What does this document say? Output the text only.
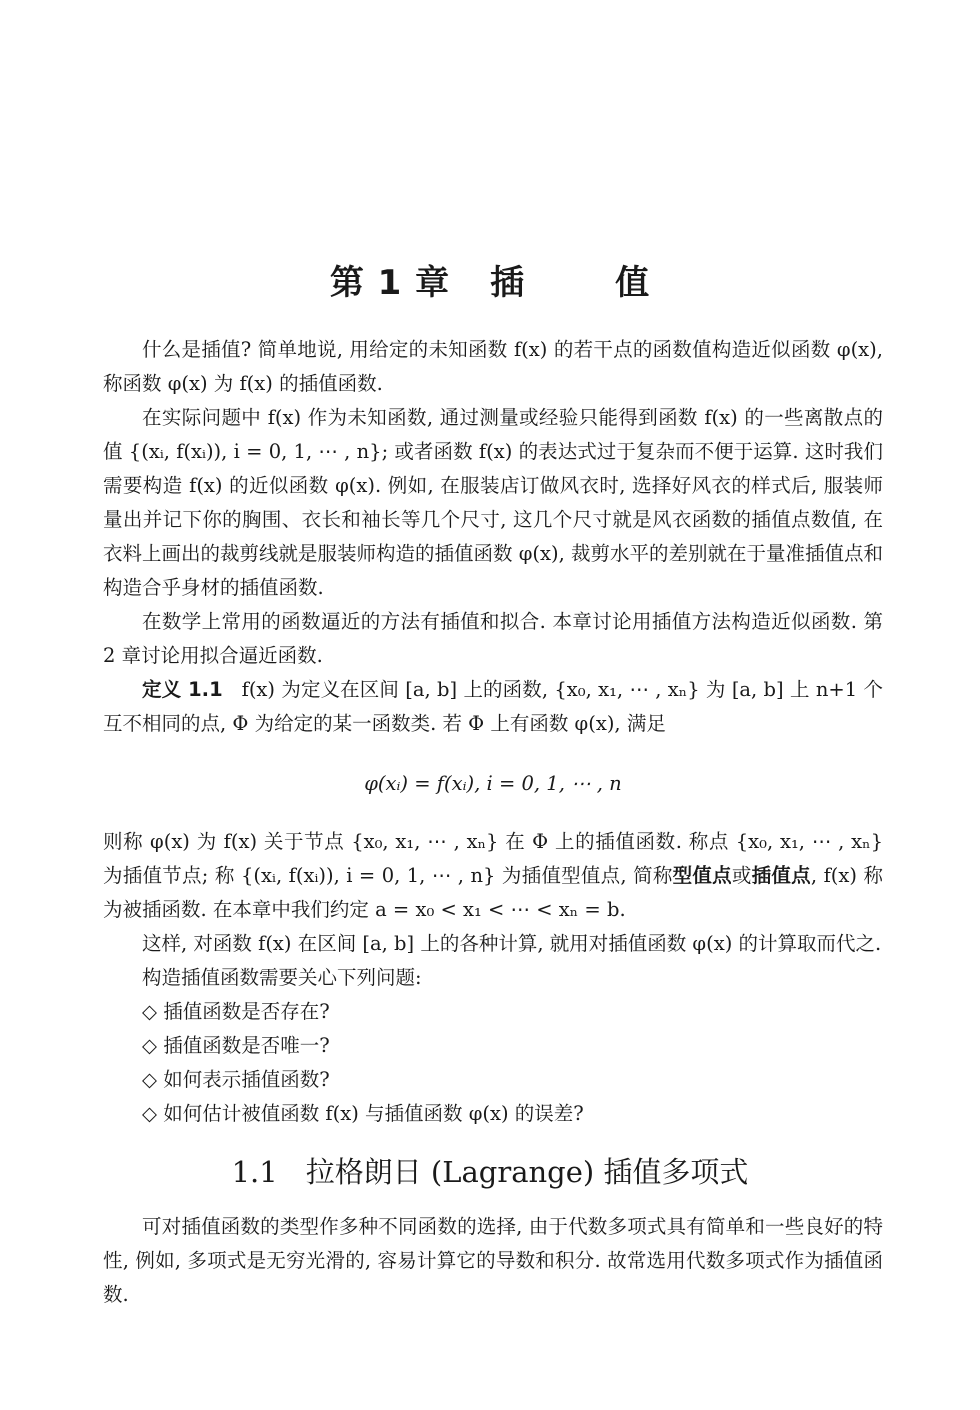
第 1 章 插	值

什么是插值? 简单地说, 用给定的未知函数 f(x) 的若干点的函数值构造近似函数 φ(x), 称函数 φ(x) 为 f(x) 的插值函数.

在实际问题中 f(x) 作为未知函数, 通过测量或经验只能得到函数 f(x) 的一些离散点的值 {(xᵢ, f(xᵢ)), i = 0, 1, ⋯ , n}; 或者函数 f(x) 的表达式过于复杂而不便于运算. 这时我们需要构造 f(x) 的近似函数 φ(x). 例如, 在服装店订做风衣时, 选择好风衣的样式后, 服装师量出并记下你的胸围、衣长和袖长等几个尺寸, 这几个尺寸就是风衣函数的插值点数值, 在衣料上画出的裁剪线就是服装师构造的插值函数 φ(x), 裁剪水平的差别就在于量准插值点和构造合乎身材的插值函数.

在数学上常用的函数逼近的方法有插值和拟合. 本章讨论用插值方法构造近似函数. 第 2 章讨论用拟合逼近函数.

定义 1.1 f(x) 为定义在区间 [a, b] 上的函数, {x₀, x₁, ⋯ , xₙ} 为 [a, b] 上 n+1 个互不相同的点, Φ 为给定的某一函数类. 若 Φ 上有函数 φ(x), 满足

φ(xᵢ) = f(xᵢ), i = 0, 1, ⋯ , n

则称 φ(x) 为 f(x) 关于节点 {x₀, x₁, ⋯ , xₙ} 在 Φ 上的插值函数. 称点 {x₀, x₁, ⋯ , xₙ} 为插值节点; 称 {(xᵢ, f(xᵢ)), i = 0, 1, ⋯ , n} 为插值型值点, 简称型值点或插值点, f(x) 称为被插函数. 在本章中我们约定 a = x₀ < x₁ < ⋯ < xₙ = b.

这样, 对函数 f(x) 在区间 [a, b] 上的各种计算, 就用对插值函数 φ(x) 的计算取而代之.

构造插值函数需要关心下列问题:

◇ 插值函数是否存在?
◇ 插值函数是否唯一?
◇ 如何表示插值函数?
◇ 如何估计被值函数 f(x) 与插值函数 φ(x) 的误差?
1.1 拉格朗日 (Lagrange) 插值多项式

可对插值函数的类型作多种不同函数的选择, 由于代数多项式具有简单和一些良好的特性, 例如, 多项式是无穷光滑的, 容易计算它的导数和积分. 故常选用代数多项式作为插值函数.
